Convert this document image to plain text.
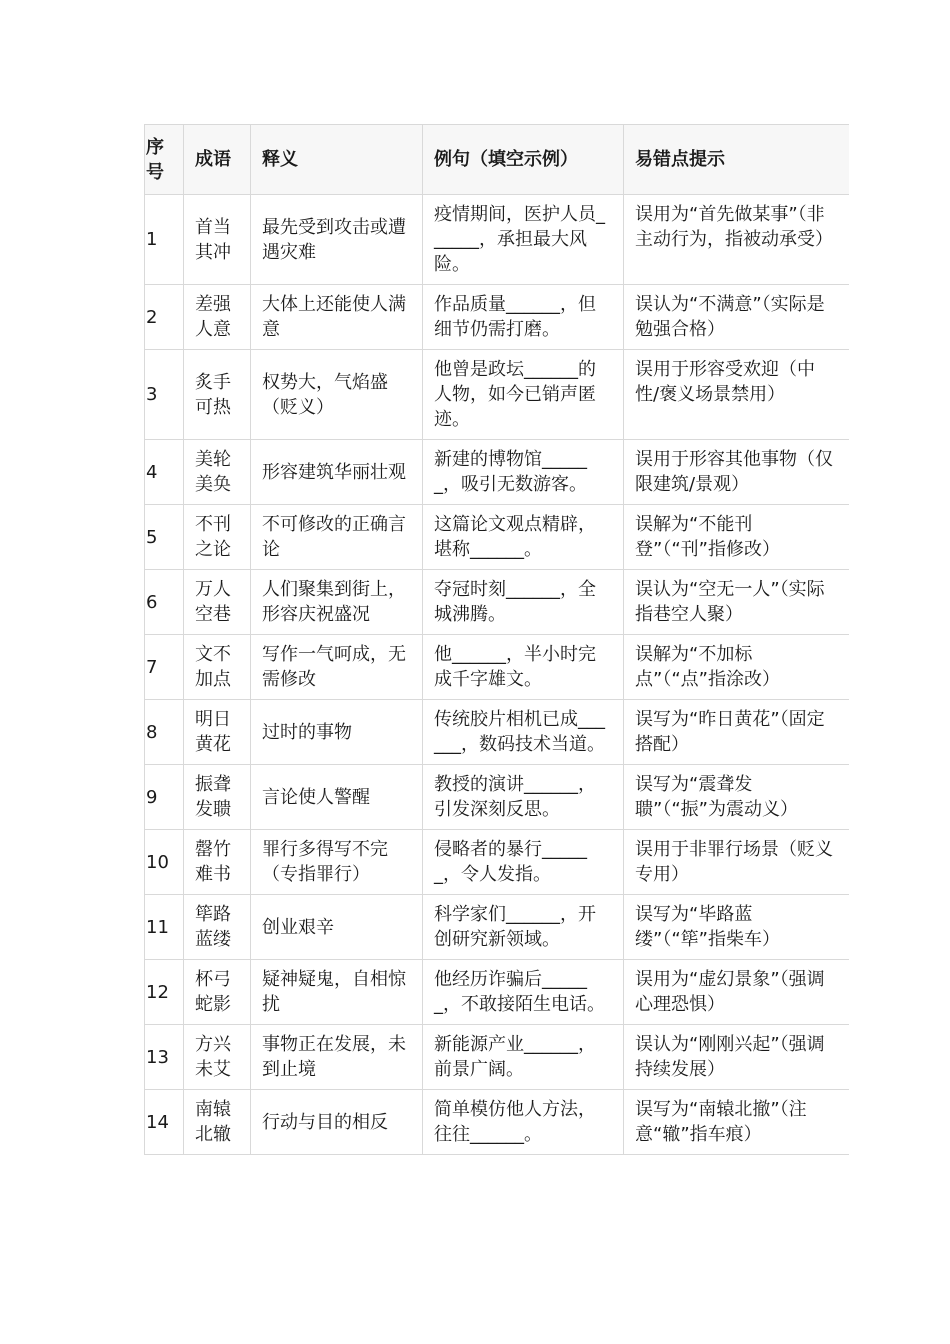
序号	成语	释义	例句（填空示例）	易错点提示
1	首当其冲	最先受到攻击或遭遇灾难	疫情期间，医护人员______，承担最大风险。	误用为“首先做某事”（非主动行为，指被动承受）
2	差强人意	大体上还能使人满意	作品质量______，但细节仍需打磨。	误认为“不满意”（实际是勉强合格）
3	炙手可热	权势大，气焰盛（贬义）	他曾是政坛______的人物，如今已销声匿迹。	误用于形容受欢迎（中性/褒义场景禁用）
4	美轮美奂	形容建筑华丽壮观	新建的博物馆______，吸引无数游客。	误用于形容其他事物（仅限建筑/景观）
5	不刊之论	不可修改的正确言论	这篇论文观点精辟，堪称______。	误解为“不能刊登”（“刊”指修改）
6	万人空巷	人们聚集到街上，形容庆祝盛况	夺冠时刻______，全城沸腾。	误认为“空无一人”（实际指巷空人聚）
7	文不加点	写作一气呵成，无需修改	他______，半小时完成千字雄文。	误解为“不加标点”（“点”指涂改）
8	明日黄花	过时的事物	传统胶片相机已成______，数码技术当道。	误写为“昨日黄花”（固定搭配）
9	振聋发聩	言论使人警醒	教授的演讲______，引发深刻反思。	误写为“震聋发聩”（“振”为震动义）
10	罄竹难书	罪行多得写不完（专指罪行）	侵略者的暴行______，令人发指。	误用于非罪行场景（贬义专用）
11	筚路蓝缕	创业艰辛	科学家们______，开创研究新领域。	误写为“毕路蓝缕”（“筚”指柴车）
12	杯弓蛇影	疑神疑鬼，自相惊扰	他经历诈骗后______，不敢接陌生电话。	误用为“虚幻景象”（强调心理恐惧）
13	方兴未艾	事物正在发展，未到止境	新能源产业______，前景广阔。	误认为“刚刚兴起”（强调持续发展）
14	南辕北辙	行动与目的相反	简单模仿他人方法，往往______。	误写为“南辕北撤”（注意“辙”指车痕）
